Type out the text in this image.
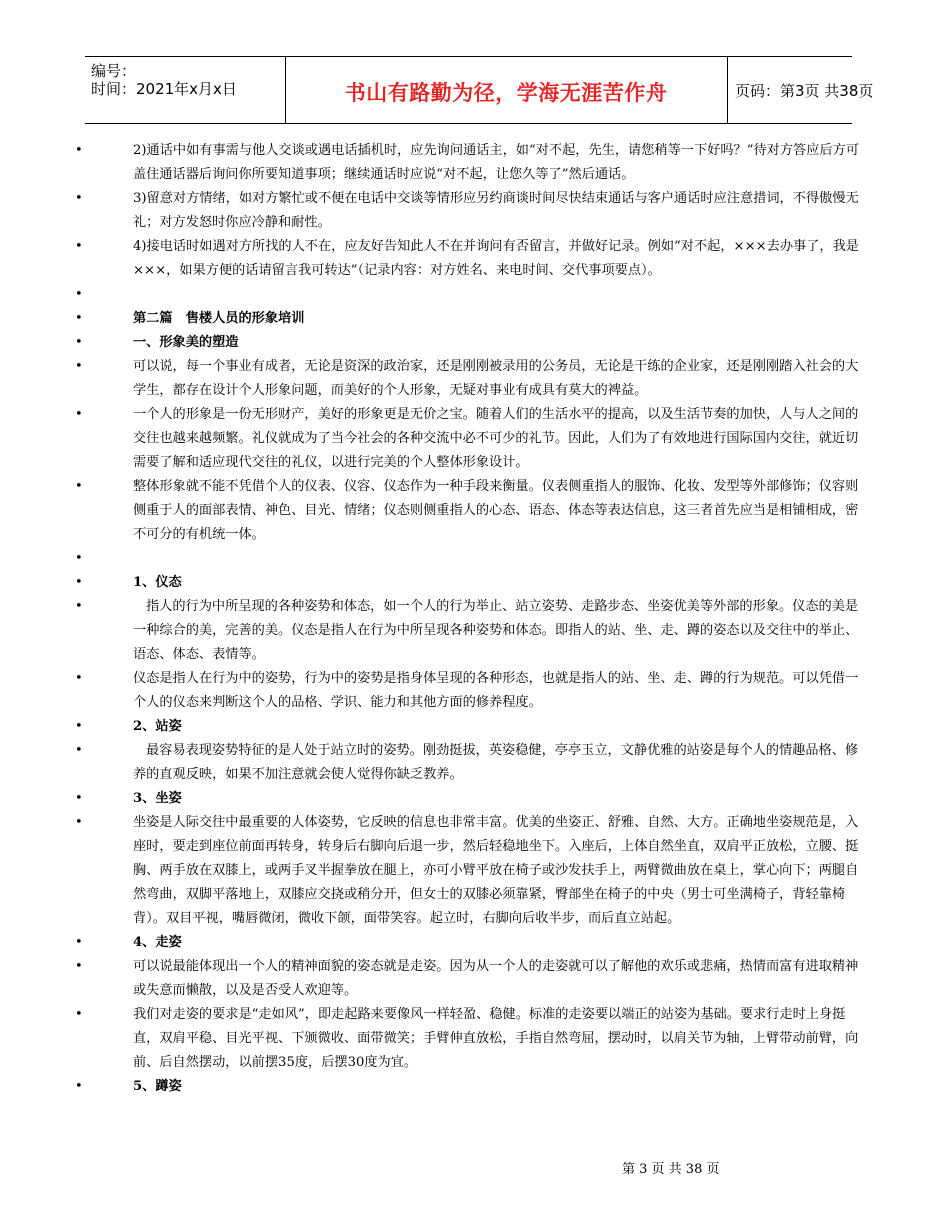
编号：
时间：2021年x月x日	书山有路勤为径，学海无涯苦作舟	页码：第3页 共38页
•	2)通话中如有事需与他人交谈或遇电话插机时，应先询问通话主，如“对不起，先生，请您稍等一下好吗？”待对方答应后方可盖住通话器后询问你所要知道事项；继续通话时应说“对不起，让您久等了”然后通话。
•	3)留意对方情绪，如对方繁忙或不便在电话中交谈等情形应另约商谈时间尽快结束通话与客户通话时应注意措词，不得傲慢无礼；对方发怒时你应冷静和耐性。
•	4)接电话时如遇对方所找的人不在，应友好告知此人不在并询问有否留言，并做好记录。例如“对不起，×××去办事了，我是×××，如果方便的话请留言我可转达”（记录内容：对方姓名、来电时间、交代事项要点）。
•
•	第二篇　售楼人员的形象培训
•	一、形象美的塑造
•	可以说，每一个事业有成者，无论是资深的政治家，还是刚刚被录用的公务员，无论是干练的企业家，还是刚刚踏入社会的大学生，都存在设计个人形象问题，而美好的个人形象，无疑对事业有成具有莫大的裨益。
•	一个人的形象是一份无形财产，美好的形象更是无价之宝。随着人们的生活水平的提高，以及生活节奏的加快，人与人之间的交往也越来越频繁。礼仪就成为了当今社会的各种交流中必不可少的礼节。因此，人们为了有效地进行国际国内交往，就近切需要了解和适应现代交往的礼仪，以进行完美的个人整体形象设计。
•	整体形象就不能不凭借个人的仪表、仪容、仪态作为一种手段来衡量。仪表侧重指人的服饰、化妆、发型等外部修饰；仪容则侧重于人的面部表情、神色、目光、情绪；仪态则侧重指人的心态、语态、体态等表达信息，这三者首先应当是相铺相成，密不可分的有机统一体。
•
•	1、仪态
•	指人的行为中所呈现的各种姿势和体态，如一个人的行为举止、站立姿势、走路步态、坐姿优美等外部的形象。仪态的美是一种综合的美，完善的美。仪态是指人在行为中所呈现各种姿势和体态。即指人的站、坐、走、蹲的姿态以及交往中的举止、语态、体态、表情等。
•	仪态是指人在行为中的姿势，行为中的姿势是指身体呈现的各种形态，也就是指人的站、坐、走、蹲的行为规范。可以凭借一个人的仪态来判断这个人的品格、学识、能力和其他方面的修养程度。
•	2、站姿
•	最容易表现姿势特征的是人处于站立时的姿势。刚劲挺拔，英姿稳健，亭亭玉立，文静优雅的站姿是每个人的情趣品格、修养的直观反映，如果不加注意就会使人觉得你缺乏教养。
•	3、坐姿
•	坐姿是人际交往中最重要的人体姿势，它反映的信息也非常丰富。优美的坐姿正、舒雅、自然、大方。正确地坐姿规范是，入座时，要走到座位前面再转身，转身后右脚向后退一步，然后轻稳地坐下。入座后，上体自然坐直，双肩平正放松，立腰、挺胸、两手放在双膝上，或两手叉半握拳放在腿上，亦可小臂平放在椅子或沙发扶手上，两臂微曲放在桌上，掌心向下；两腿自然弯曲，双脚平落地上，双膝应交挠或稍分开，但女士的双膝必须靠紧，臀部坐在椅子的中央（男士可坐满椅子，背轻靠椅背）。双目平视，嘴唇微闭，微收下颌，面带笑容。起立时，右脚向后收半步，而后直立站起。
•	4、走姿
•	可以说最能体现出一个人的精神面貌的姿态就是走姿。因为从一个人的走姿就可以了解他的欢乐或悲痛，热情而富有进取精神或失意而懒散，以及是否受人欢迎等。
•	我们对走姿的要求是“走如风”，即走起路来要像风一样轻盈、稳健。标准的走姿要以端正的站姿为基础。要求行走时上身挺直，双肩平稳、目光平视、下颁微收、面带微笑；手臂伸直放松，手指自然弯屈，摆动时，以肩关节为轴，上臂带动前臂，向前、后自然摆动，以前摆35度，后摆30度为宜。
•	5、蹲姿
第 3 页 共 38 页
